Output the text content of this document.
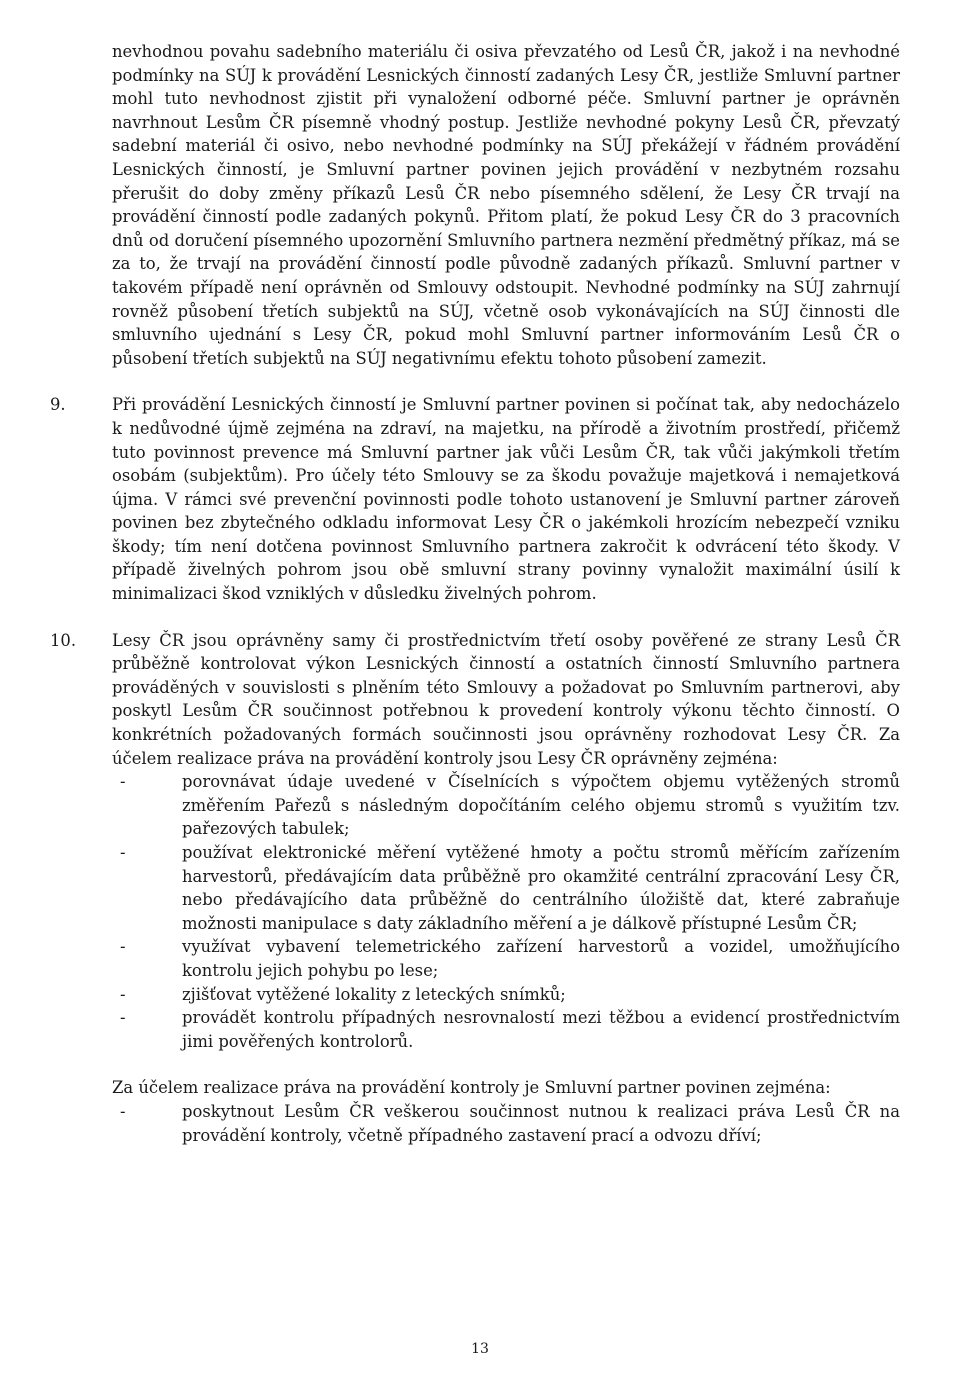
nevhodnou povahu sadebního materiálu či osiva převzatého od Lesů ČR, jakož i na nevhodné podmínky na SÚJ k provádění Lesnických činností zadaných Lesy ČR, jestliže Smluvní partner mohl tuto nevhodnost zjistit při vynaložení odborné péče. Smluvní partner je oprávněn navrhnout Lesům ČR písemně vhodný postup. Jestliže nevhodné pokyny Lesů ČR, převzatý sadební materiál či osivo, nebo nevhodné podmínky na SÚJ překážejí v řádném provádění Lesnických činností, je Smluvní partner povinen jejich provádění v nezbytném rozsahu přerušit do doby změny příkazů Lesů ČR nebo písemného sdělení, že Lesy ČR trvají na provádění činností podle zadaných pokynů. Přitom platí, že pokud Lesy ČR do 3 pracovních dnů od doručení písemného upozornění Smluvního partnera nezmění předmětný příkaz, má se za to, že trvají na provádění činností podle původně zadaných příkazů. Smluvní partner v takovém případě není oprávněn od Smlouvy odstoupit. Nevhodné podmínky na SÚJ zahrnují rovněž působení třetích subjektů na SÚJ, včetně osob vykonávajících na SÚJ činnosti dle smluvního ujednání s Lesy ČR, pokud mohl Smluvní partner informováním Lesů ČR o působení třetích subjektů na SÚJ negativnímu efektu tohoto působení zamezit.

9.	Při provádění Lesnických činností je Smluvní partner povinen si počínat tak, aby nedocházelo k nedůvodné újmě zejména na zdraví, na majetku, na přírodě a životním prostředí, přičemž tuto povinnost prevence má Smluvní partner jak vůči Lesům ČR, tak vůči jakýmkoli třetím osobám (subjektům). Pro účely této Smlouvy se za škodu považuje majetková i nemajetková újma. V rámci své prevenční povinnosti podle tohoto ustanovení je Smluvní partner zároveň povinen bez zbytečného odkladu informovat Lesy ČR o jakémkoli hrozícím nebezpečí vzniku škody; tím není dotčena povinnost Smluvního partnera zakročit k odvrácení této škody. V případě živelných pohrom jsou obě smluvní strany povinny vynaložit maximální úsilí k minimalizaci škod vzniklých v důsledku živelných pohrom.

10. Lesy ČR jsou oprávněny samy či prostřednictvím třetí osoby pověřené ze strany Lesů ČR průběžně kontrolovat výkon Lesnických činností a ostatních činností Smluvního partnera prováděných v souvislosti s plněním této Smlouvy a požadovat po Smluvním partnerovi, aby poskytl Lesům ČR součinnost potřebnou k provedení kontroly výkonu těchto činností. O konkrétních požadovaných formách součinnosti jsou oprávněny rozhodovat Lesy ČR. Za účelem realizace práva na provádění kontroly jsou Lesy ČR oprávněny zejména:

-	porovnávat údaje uvedené v Číselnících s výpočtem objemu vytěžených stromů změřením Pařezů s následným dopočítáním celého objemu stromů s využitím tzv. pařezových tabulek;
-	používat elektronické měření vytěžené hmoty a počtu stromů měřícím zařízením harvestorů, předávajícím data průběžně pro okamžité centrální zpracování Lesy ČR, nebo předávajícího data průběžně do centrálního úložiště dat, které zabraňuje možnosti manipulace s daty základního měření a je dálkově přístupné Lesům ČR;
-	využívat vybavení telemetrického zařízení harvestorů a vozidel, umožňujícího kontrolu jejich pohybu po lese;
-	zjišťovat vytěžené lokality z leteckých snímků;
-	provádět kontrolu případných nesrovnalostí mezi těžbou a evidencí prostřednictvím jimi pověřených kontrolorů.

Za účelem realizace práva na provádění kontroly je Smluvní partner povinen zejména:

-	poskytnout Lesům ČR veškerou součinnost nutnou k realizaci práva Lesů ČR na provádění kontroly, včetně případného zastavení prací a odvozu dříví;
13
